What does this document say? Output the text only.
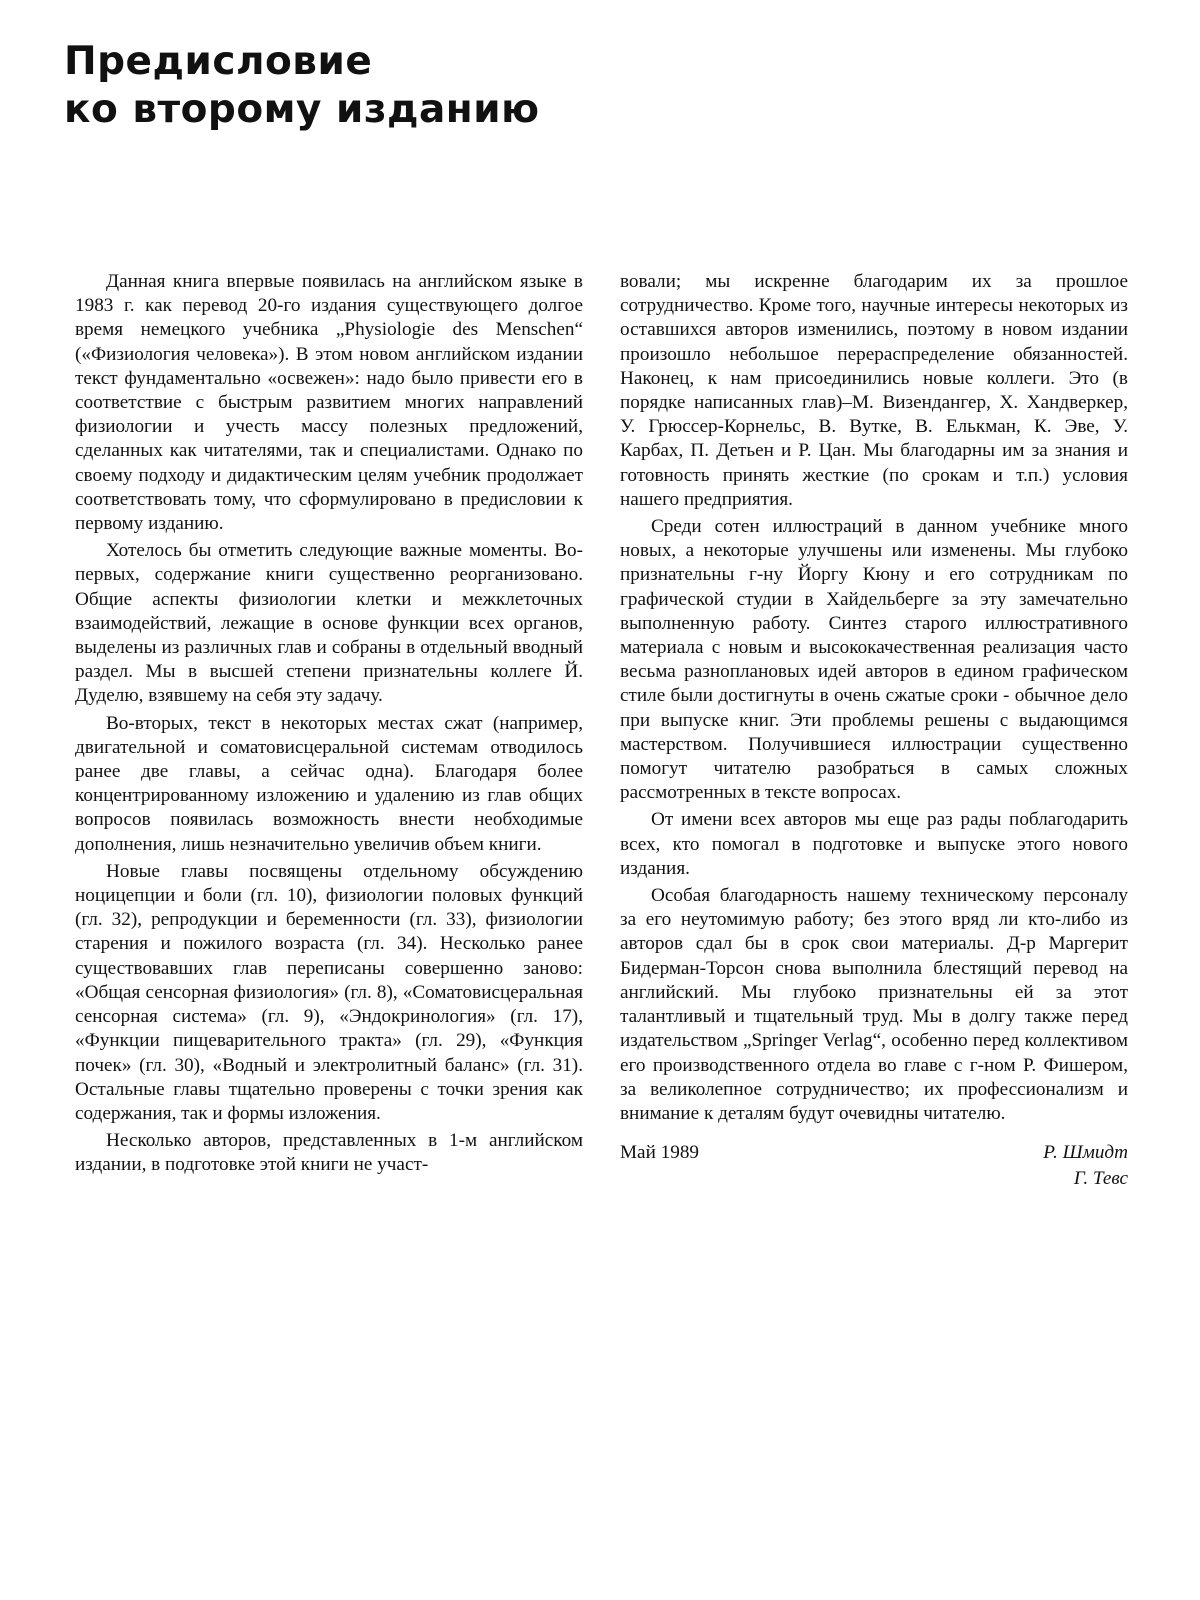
Предисловие
ко второму изданию

Данная книга впервые появилась на английском языке в 1983 г. как перевод 20-го издания существующего долгое время немецкого учебника „Physiologie des Menschen“ («Физиология человека»). В этом новом английском издании текст фундаментально «освежен»: надо было привести его в соответствие с быстрым развитием многих направлений физиологии и учесть массу полезных предложений, сделанных как читателями, так и специалистами. Однако по своему подходу и дидактическим целям учебник продолжает соответствовать тому, что сформулировано в предисловии к первому изданию.

Хотелось бы отметить следующие важные моменты. Во-первых, содержание книги существенно реорганизовано. Общие аспекты физиологии клетки и межклеточных взаимодействий, лежащие в основе функции всех органов, выделены из различных глав и собраны в отдельный вводный раздел. Мы в высшей степени признательны коллеге Й. Дуделю, взявшему на себя эту задачу.

Во-вторых, текст в некоторых местах сжат (например, двигательной и соматовисцеральной системам отводилось ранее две главы, а сейчас одна). Благодаря более концентрированному изложению и удалению из глав общих вопросов появилась возможность внести необходимые дополнения, лишь незначительно увеличив объем книги.

Новые главы посвящены отдельному обсуждению ноцицепции и боли (гл. 10), физиологии половых функций (гл. 32), репродукции и беременности (гл. 33), физиологии старения и пожилого возраста (гл. 34). Несколько ранее существовавших глав переписаны совершенно заново: «Общая сенсорная физиология» (гл. 8), «Соматовисцеральная сенсорная система» (гл. 9), «Эндокринология» (гл. 17), «Функции пищеварительного тракта» (гл. 29), «Функция почек» (гл. 30), «Водный и электролитный баланс» (гл. 31). Остальные главы тщательно проверены с точки зрения как содержания, так и формы изложения.

Несколько авторов, представленных в 1-м английском издании, в подготовке этой книги не участ-

вовали; мы искренне благодарим их за прошлое сотрудничество. Кроме того, научные интересы некоторых из оставшихся авторов изменились, поэтому в новом издании произошло небольшое перераспределение обязанностей. Наконец, к нам присоединились новые коллеги. Это (в порядке написанных глав)–М. Визендангер, Х. Хандверкер, У. Грюссер-Корнельс, В. Вутке, В. Елькман, К. Эве, У. Карбах, П. Детьен и Р. Цан. Мы благодарны им за знания и готовность принять жесткие (по срокам и т.п.) условия нашего предприятия.

Среди сотен иллюстраций в данном учебнике много новых, а некоторые улучшены или изменены. Мы глубоко признательны г-ну Йоргу Кюну и его сотрудникам по графической студии в Хайдельберге за эту замечательно выполненную работу. Синтез старого иллюстративного материала с новым и высококачественная реализация часто весьма разноплановых идей авторов в едином графическом стиле были достигнуты в очень сжатые сроки - обычное дело при выпуске книг. Эти проблемы решены с выдающимся мастерством. Получившиеся иллюстрации существенно помогут читателю разобраться в самых сложных рассмотренных в тексте вопросах.

От имени всех авторов мы еще раз рады поблагодарить всех, кто помогал в подготовке и выпуске этого нового издания.

Особая благодарность нашему техническому персоналу за его неутомимую работу; без этого вряд ли кто-либо из авторов сдал бы в срок свои материалы. Д-р Маргерит Бидерман-Торсон снова выполнила блестящий перевод на английский. Мы глубоко признательны ей за этот талантливый и тщательный труд. Мы в долгу также перед издательством „Springer Verlag“, особенно перед коллективом его производственного отдела во главе с г-ном Р. Фишером, за великолепное сотрудничество; их профессионализм и внимание к деталям будут очевидны читателю.

Май 1989	Р. Шмидт
Г. Тевс
